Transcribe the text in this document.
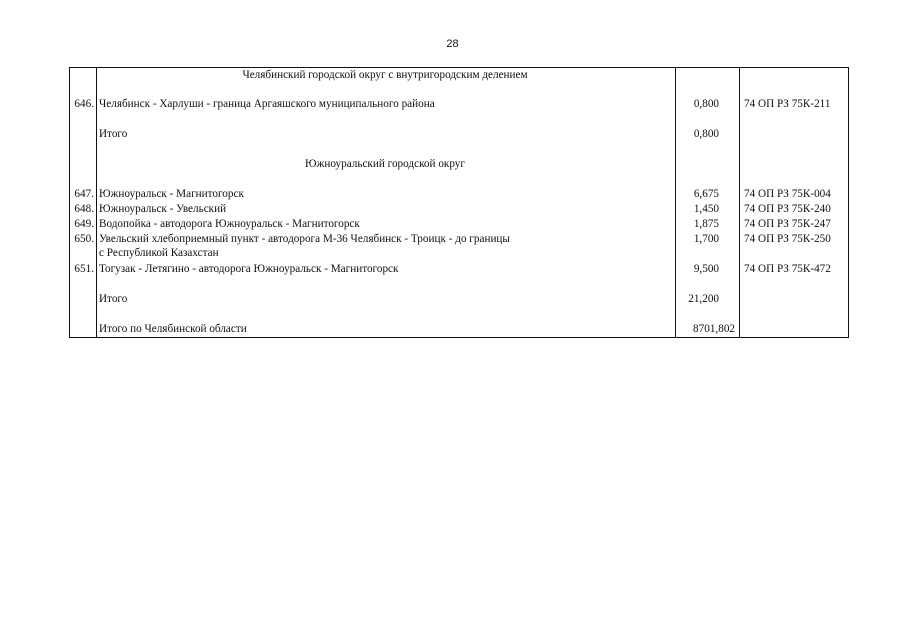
28
	Челябинский городской округ с внутригородским делением		

646.	Челябинск - Харлуши - граница Аргаяшского муниципального района	0,800	74 ОП РЗ 75К-211

	Итого	0,800	

	Южноуральский городской округ		

647.	Южноуральск - Магнитогорск	6,675	74 ОП РЗ 75К-004
648.	Южноуральск - Увельский	1,450	74 ОП РЗ 75К-240
649.	Водопойка - автодорога Южноуральск - Магнитогорск	1,875	74 ОП РЗ 75К-247
650.	Увельский хлебоприемный пункт - автодорога М-36 Челябинск - Троицк - до границы
с Республикой Казахстан	1,700	74 ОП РЗ 75К-250
651.	Тогузак - Летягино - автодорога Южноуральск - Магнитогорск	9,500	74 ОП РЗ 75К-472

	Итого	21,200	

	Итого по Челябинской области	8701,802	
